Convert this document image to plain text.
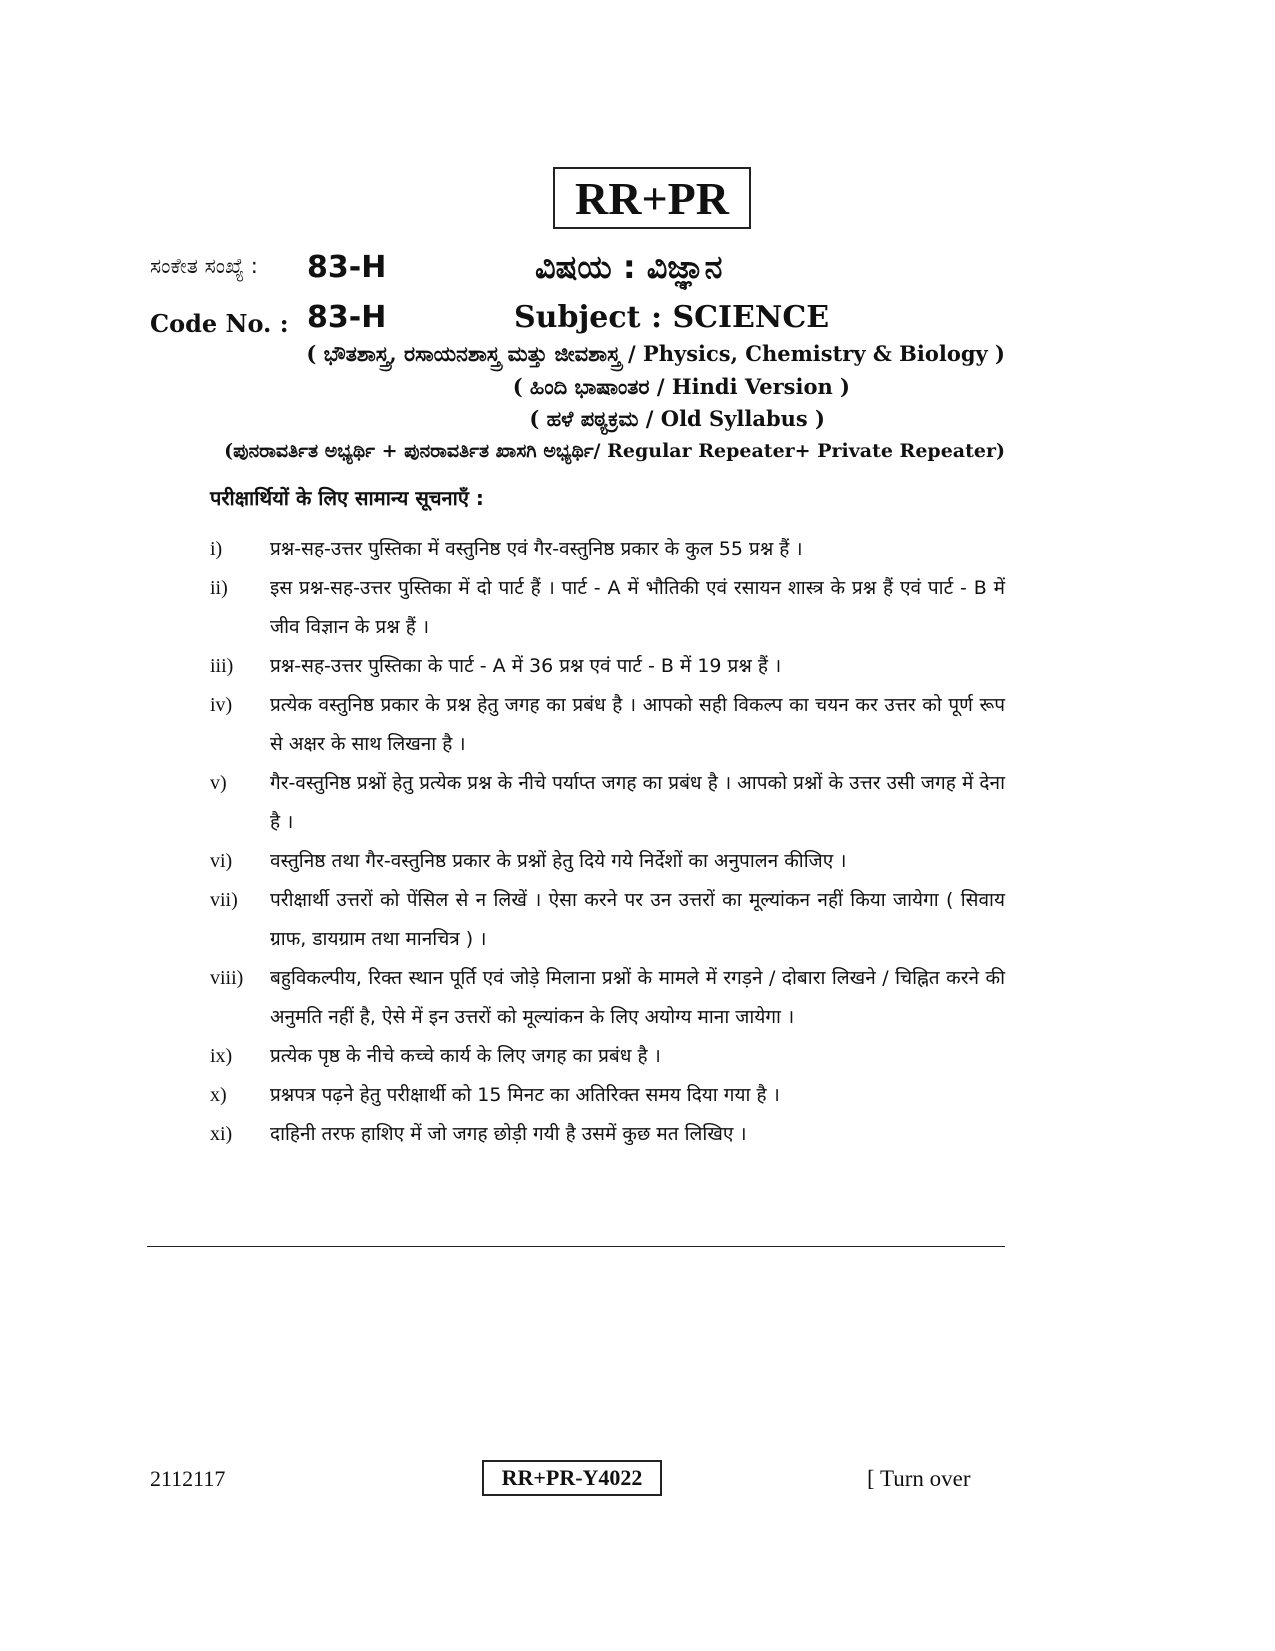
RR+PR
ಸಂಕೇತ ಸಂಖ್ಯೆ : 83-H	ವಿಷಯ : ವಿಜ್ಞಾನ
Code No. : 83-H	Subject : SCIENCE
( ಭೌತಶಾಸ್ತ್ರ, ರಸಾಯನಶಾಸ್ತ್ರ ಮತ್ತು ಜೀವಶಾಸ್ತ್ರ / Physics, Chemistry & Biology )
( ಹಿಂದಿ ಭಾಷಾಂತರ / Hindi Version )
( ಹಳೆ ಪಠ್ಯಕ್ರಮ / Old Syllabus )
(ಪುನರಾವರ್ತಿತ ಅಭ್ಯರ್ಥಿ + ಪುನರಾವರ್ತಿತ ಖಾಸಗಿ ಅಭ್ಯರ್ಥಿ/ Regular Repeater+ Private Repeater)
परीक्षार्थियों के लिए सामान्य सूचनाएँ :
i)	प्रश्न-सह-उत्तर पुस्तिका में वस्तुनिष्ठ एवं गैर-वस्तुनिष्ठ प्रकार के कुल 55 प्रश्न हैं ।
ii) इस प्रश्न-सह-उत्तर पुस्तिका में दो पार्ट हैं । पार्ट - A में भौतिकी एवं रसायन शास्त्र के प्रश्न हैं एवं पार्ट - B में जीव विज्ञान के प्रश्न हैं ।
iii) प्रश्न-सह-उत्तर पुस्तिका के पार्ट - A में 36 प्रश्न एवं पार्ट - B में 19 प्रश्न हैं ।
iv) प्रत्येक वस्तुनिष्ठ प्रकार के प्रश्न हेतु जगह का प्रबंध है । आपको सही विकल्प का चयन कर उत्तर को पूर्ण रूप से अक्षर के साथ लिखना है ।
v) गैर-वस्तुनिष्ठ प्रश्नों हेतु प्रत्येक प्रश्न के नीचे पर्याप्त जगह का प्रबंध है । आपको प्रश्नों के उत्तर उसी जगह में देना है ।
vi) वस्तुनिष्ठ तथा गैर-वस्तुनिष्ठ प्रकार के प्रश्नों हेतु दिये गये निर्देशों का अनुपालन कीजिए ।
vii) परीक्षार्थी उत्तरों को पेंसिल से न लिखें । ऐसा करने पर उन उत्तरों का मूल्यांकन नहीं किया जायेगा ( सिवाय ग्राफ, डायग्राम तथा मानचित्र ) ।
viii) बहुविकल्पीय, रिक्त स्थान पूर्ति एवं जोड़े मिलाना प्रश्नों के मामले में रगड़ने / दोबारा लिखने / चिह्नित करने की अनुमति नहीं है, ऐसे में इन उत्तरों को मूल्यांकन के लिए अयोग्य माना जायेगा ।
ix) प्रत्येक पृष्ठ के नीचे कच्चे कार्य के लिए जगह का प्रबंध है ।
x) प्रश्नपत्र पढ़ने हेतु परीक्षार्थी को 15 मिनट का अतिरिक्त समय दिया गया है ।
xi) दाहिनी तरफ हाशिए में जो जगह छोड़ी गयी है उसमें कुछ मत लिखिए ।
2112117	RR+PR-Y4022	[ Turn over
